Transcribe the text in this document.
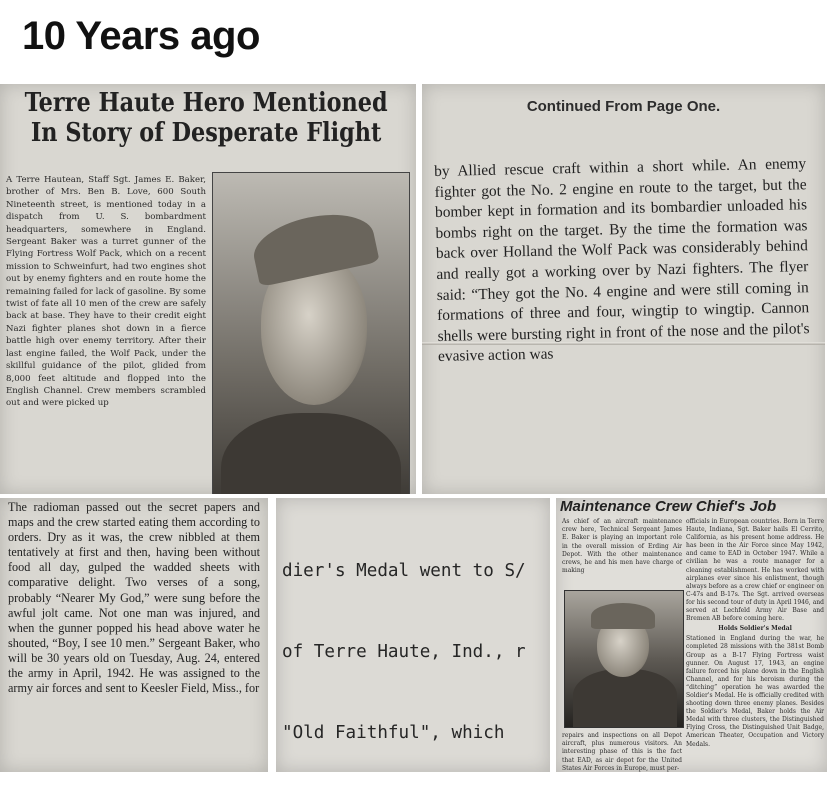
10 Years ago
Terre Haute Hero Mentioned
In Story of Desperate Flight

A Terre Hautean, Staff Sgt. James E. Baker, brother of Mrs. Ben B. Love, 600 South Nineteenth street, is mentioned today in a dispatch from U. S. bombardment headquarters, somewhere in England. Sergeant Baker was a turret gunner of the Flying Fortress Wolf Pack, which on a recent mission to Schweinfurt, had two engines shot out by enemy fighters and en route home the remaining failed for lack of gasoline. By some twist of fate all 10 men of the crew are safely back at base. They have to their credit eight Nazi fighter planes shot down in a fierce battle high over enemy territory. After their last engine failed, the Wolf Pack, under the skillful guidance of the pilot, glided from 8,000 feet altitude and flopped into the English Channel. Crew members scrambled out and were picked up

Continued From Page One.

by Allied rescue craft within a short while. An enemy fighter got the No. 2 engine en route to the target, but the bomber kept in formation and its bombardier unloaded his bombs right on the target. By the time the formation was back over Holland the Wolf Pack was considerably behind and really got a working over by Nazi fighters. The flyer said: “They got the No. 4 engine and were still coming in formations of three and four, wingtip to wingtip. Cannon shells were bursting right in front of the nose and the pilot's evasive action was

The radioman passed out the secret papers and maps and the crew started eating them according to orders. Dry as it was, the crew nibbled at them tentatively at first and then, having been without food all day, gulped the wadded sheets with comparative delight. Two verses of a song, probably “Nearer My God,” were sung before the awful jolt came. Not one man was injured, and when the gunner popped his head above water he shouted, “Boy, I see 10 men.” Sergeant Baker, who will be 30 years old on Tuesday, Aug. 24, entered the army in April, 1942. He was assigned to the army air forces and sent to Keesler Field, Miss., for

dier's Medal went to S/

of Terre Haute, Ind., r

"Old Faithful", which

Maintenance Crew Chief's Job

As chief of an aircraft maintenance crew here, Technical Sergeant James E. Baker is playing an important role in the overall mission of Erding Air Depot. With the other maintenance crews, he and his men have charge of making

repairs and inspections on all Depot aircraft, plus numerous visitors. An interesting phase of this is the fact that EAD, as air depot for the United States Air Forces in Europe, must per-

officials in European countries. Born in Terre Haute, Indiana, Sgt. Baker hails El Cerrito, California, as his present home address. He has been in the Air Force since May 1942, and came to EAD in October 1947. While a civilian he was a route manager for a cleaning establishment. He has worked with airplanes ever since his enlistment, though always before as a crew chief or engineer on C-47s and B-17s. The Sgt. arrived overseas for his second tour of duty in April 1946, and served at Lechfeld Army Air Base and Bremen AB before coming here.
Holds Soldier's Medal
Stationed in England during the war, he completed 28 missions with the 381st Bomb Group as a B-17 Flying Fortress waist gunner. On August 17, 1943, an engine failure forced his plane down in the English Channel, and for his heroism during the “ditching” operation he was awarded the Soldier's Medal. He is officially credited with shooting down three enemy planes. Besides the Soldier's Medal, Baker holds the Air Medal with three clusters, the Distinguished Flying Cross, the Distinguished Unit Badge, American Theater, Occupation and Victory Medals.
